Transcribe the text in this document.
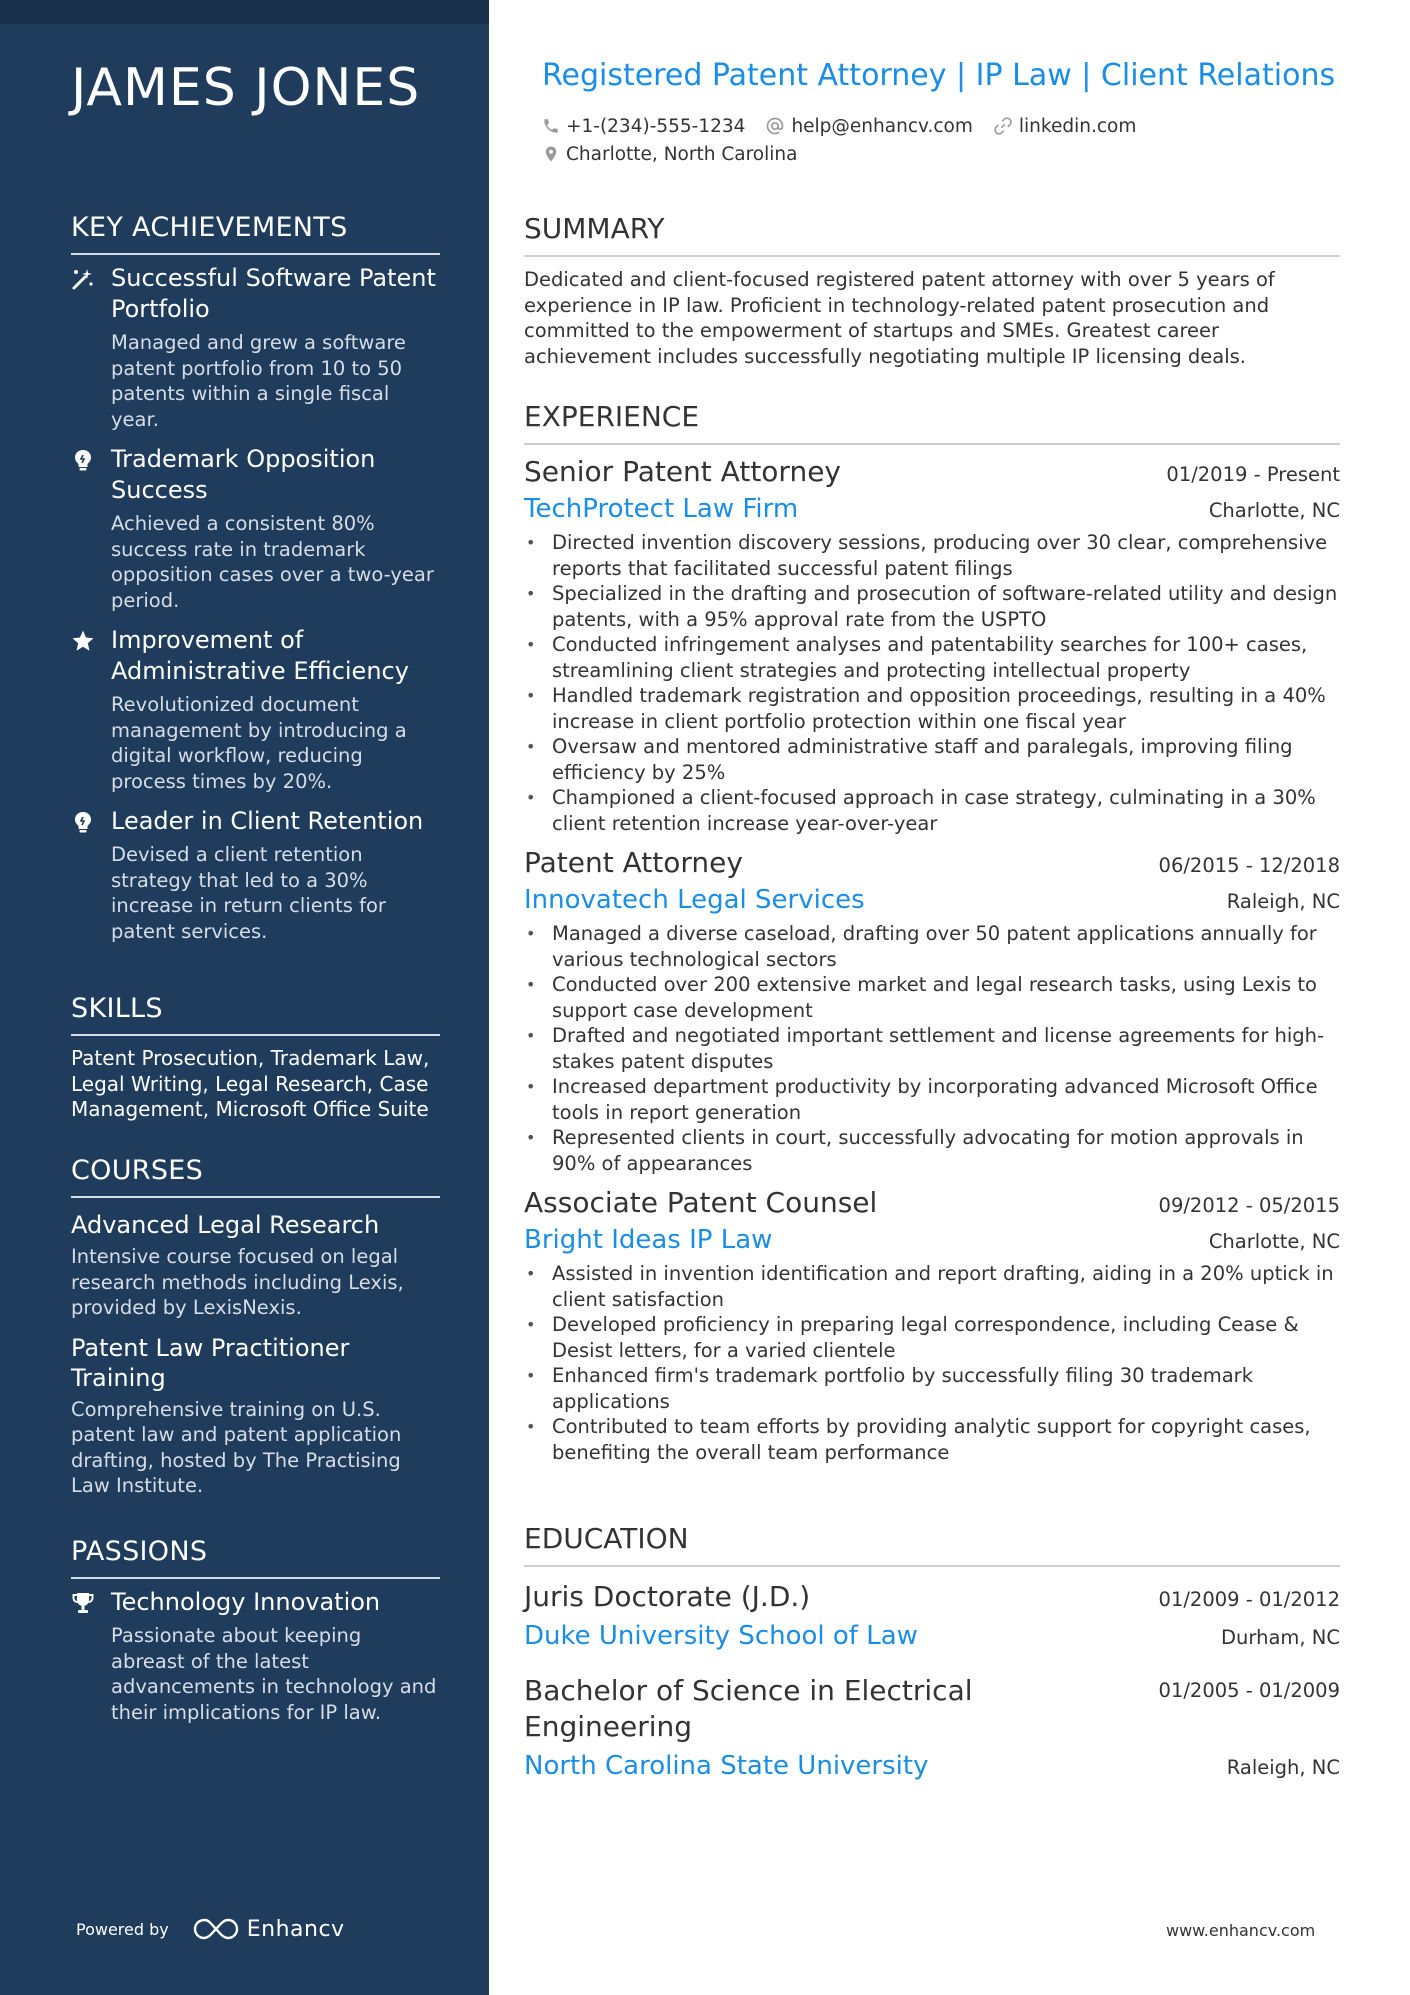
JAMES JONES
KEY ACHIEVEMENTS
Successful Software Patent Portfolio
Managed and grew a software patent portfolio from 10 to 50 patents within a single fiscal year.
Trademark Opposition Success
Achieved a consistent 80% success rate in trademark opposition cases over a two-year period.
Improvement of Administrative Efficiency
Revolutionized document management by introducing a digital workflow, reducing process times by 20%.
Leader in Client Retention
Devised a client retention strategy that led to a 30% increase in return clients for patent services.
SKILLS
Patent Prosecution, Trademark Law, Legal Writing, Legal Research, Case Management, Microsoft Office Suite
COURSES
Advanced Legal Research
Intensive course focused on legal research methods including Lexis, provided by LexisNexis.
Patent Law Practitioner Training
Comprehensive training on U.S. patent law and patent application drafting, hosted by The Practising Law Institute.
PASSIONS
Technology Innovation
Passionate about keeping abreast of the latest advancements in technology and their implications for IP law.
Powered by	Enhancv
Registered Patent Attorney | IP Law | Client Relations
+1-(234)-555-1234 help@enhancv.com linkedin.com
Charlotte, North Carolina
SUMMARY
Dedicated and client-focused registered patent attorney with over 5 years of experience in IP law. Proficient in technology-related patent prosecution and committed to the empowerment of startups and SMEs. Greatest career achievement includes successfully negotiating multiple IP licensing deals.
EXPERIENCE
Senior Patent Attorney	01/2019 - Present
TechProtect Law Firm	Charlotte, NC
• Directed invention discovery sessions, producing over 30 clear, comprehensive reports that facilitated successful patent filings
• Specialized in the drafting and prosecution of software-related utility and design patents, with a 95% approval rate from the USPTO
• Conducted infringement analyses and patentability searches for 100+ cases, streamlining client strategies and protecting intellectual property
• Handled trademark registration and opposition proceedings, resulting in a 40% increase in client portfolio protection within one fiscal year
• Oversaw and mentored administrative staff and paralegals, improving filing efficiency by 25%
• Championed a client-focused approach in case strategy, culminating in a 30% client retention increase year-over-year
Patent Attorney	06/2015 - 12/2018
Innovatech Legal Services	Raleigh, NC
• Managed a diverse caseload, drafting over 50 patent applications annually for various technological sectors
• Conducted over 200 extensive market and legal research tasks, using Lexis to support case development
• Drafted and negotiated important settlement and license agreements for high-stakes patent disputes
• Increased department productivity by incorporating advanced Microsoft Office tools in report generation
• Represented clients in court, successfully advocating for motion approvals in 90% of appearances
Associate Patent Counsel	09/2012 - 05/2015
Bright Ideas IP Law	Charlotte, NC
• Assisted in invention identification and report drafting, aiding in a 20% uptick in client satisfaction
• Developed proficiency in preparing legal correspondence, including Cease & Desist letters, for a varied clientele
• Enhanced firm's trademark portfolio by successfully filing 30 trademark applications
• Contributed to team efforts by providing analytic support for copyright cases, benefiting the overall team performance
EDUCATION
Juris Doctorate (J.D.)	01/2009 - 01/2012
Duke University School of Law	Durham, NC
Bachelor of Science in Electrical Engineering
01/2005 - 01/2009
North Carolina State University	Raleigh, NC
www.enhancv.com
